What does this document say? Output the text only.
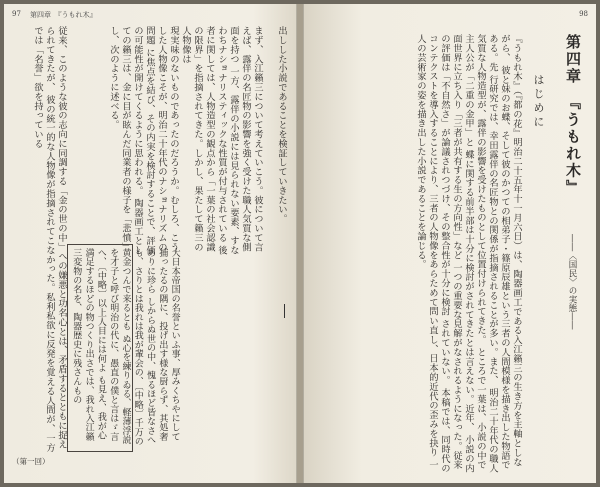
97 第四章　『うもれ木』
出しした小説であることを検証していきたい。
まず、入江籟三について考えていこう。彼について言えば、露伴の名匠物の影響を強く受けた職人気質な側面を持つ 一方、露伴の小説には見られない要素、すなわちナショナリスティックな性質が付与されている 後者に関しては、人物造型の観点から「一葉の社会認識の限界」を指摘されてきた。しかし、果たして籟三の人物像は
現実味のないものであったのだろうか。むしろ、こうした人物像こそが、明治二十年代のナショナリズムの問題 に焦点を結び、その内実を検討することで、評価の可能性が開けてくるように思われる。 陶器画工としての籟三は、金に目が眩んだ同業者の様子を「悲憤」し、次のように述べる。
大日本帝国の名誉といふ事、厚みくちやにして捕ったるの隅に、投げ出す様な厨らず、其処奢ありに珍ら しからぬ世の中、愧るほど皆なさへも、さりとは我れは我が輩会の、〔中略〕千万の黄金つんで来るとも ぬ心を練りゐる、軽薄浮説を才子と呼び明治の代に、愚直の僕と言はゞ言へ、〔中略〕以上人目には何よ も見え、我が心満足するほどの物つくり出さでは、我れ入江籟三変物の名を、陶器歴史に残さんもの
（第一回）
従来、このような彼の志向に同調する「金の世の中」への嫌悪と功名心とは、矛盾するとともに捉えられてきたが、 彼の統一的な人物像が指摘されてこなかった。私利私欲に反発を覚える人間が、一方では「名誉」欲を持っている
98
第四章　『うもれ木』
――〈国民〉の実態――
はじめに
『うもれ木』（『都の花』明治二十五年十一月六日）は、陶器画工である入江籟三の生き方を主軸としながら、 彼と妹のお蝶、そして彼のかつての相弟子・篠原辰雄という三者の人間模様を描き出した物語である。先 行研究では、幸田露伴の名匠物との関係が指摘されることが多い。また、 明治二十年代の職人気質な人物造型が、露伴の影響を受けたものとして位置付けられてきた。 ところで一葉は、小説の中で主人公が「二重の金甲」と 蝶に関する前半部は十分に検討がされてきたとは言えない。近年、 小説の内面世界に立ち入り「三者が共有する生の方向性」など 一つの重要な見解がなされるようになった。従来の評価は「不自然さ」が論議されつづけ、その整合性が十分に検討 されていない。 本稿では、同時代のコンテクストを導入することにより、三者の人物像をあらためて問い直し、日本的近代の歪みを抉り 一人の芸術家の姿を描き出した小説であることを論じる。
